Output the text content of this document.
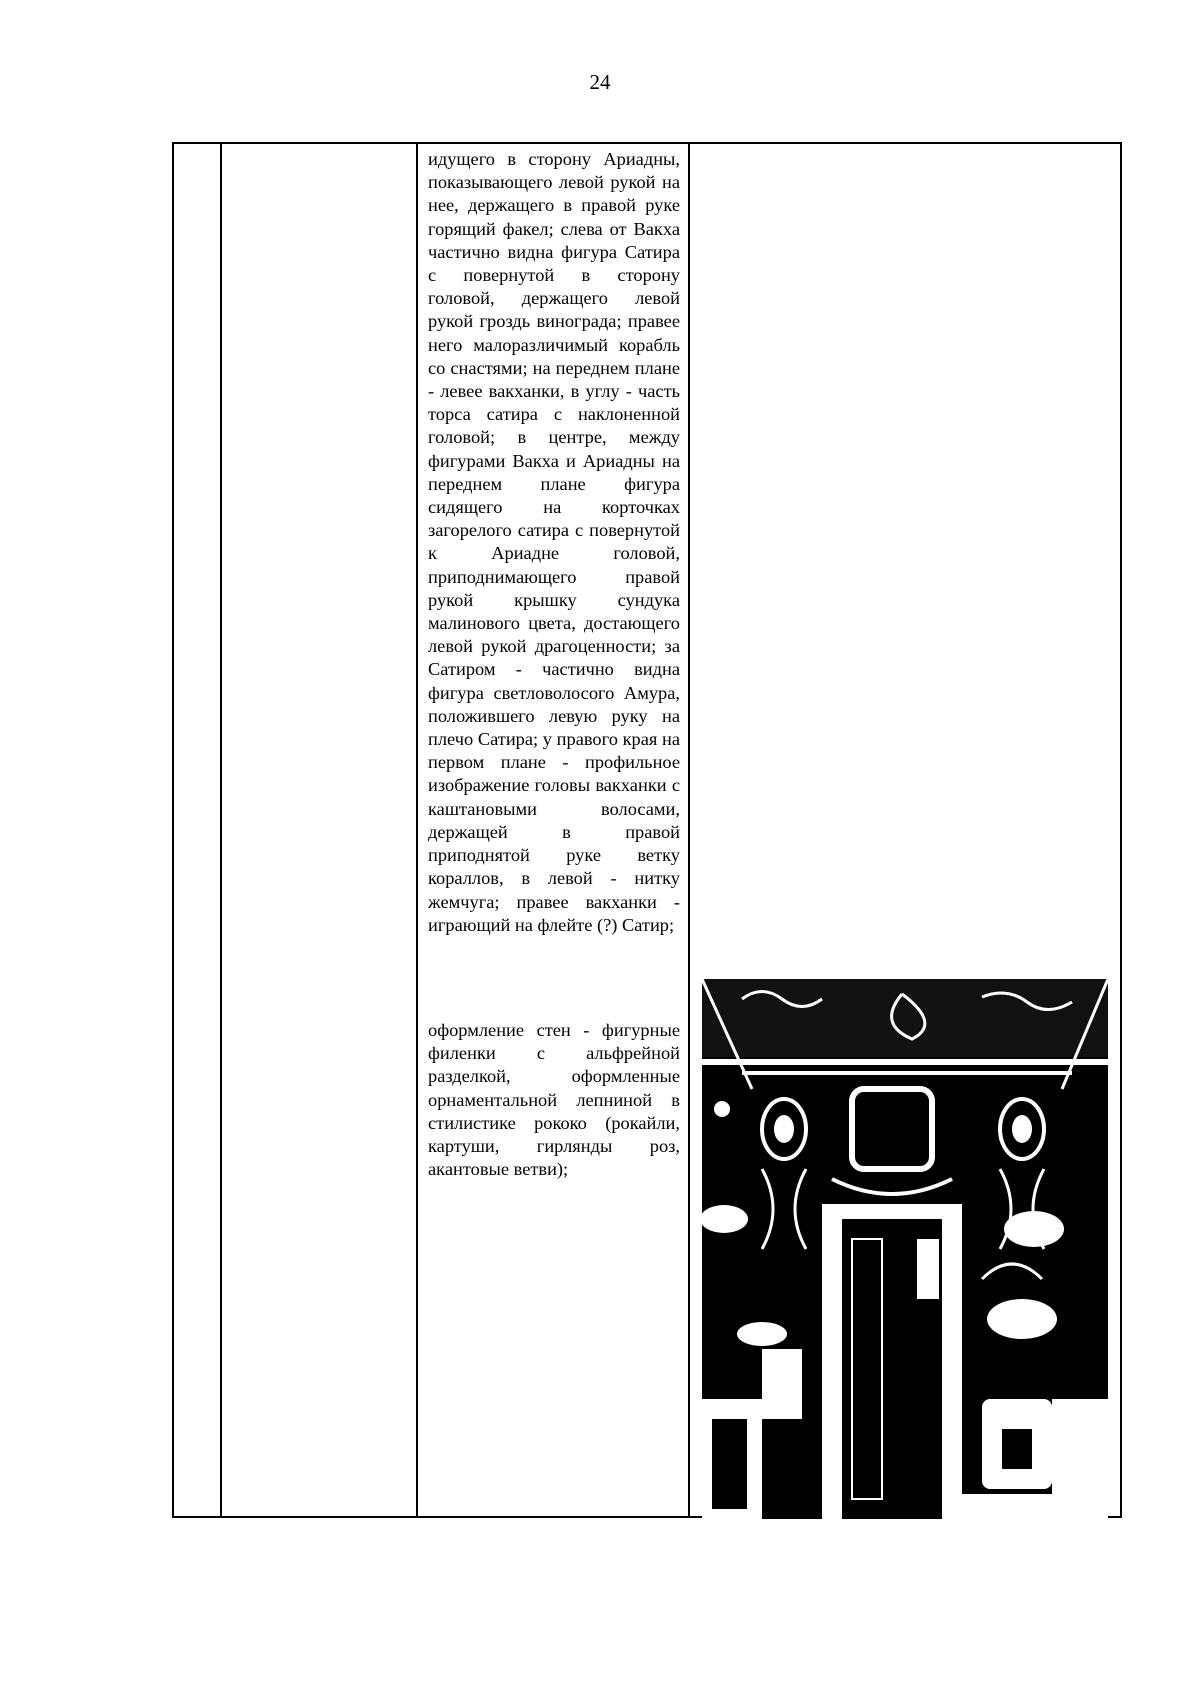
24

идущего в сторону Ариадны, показывающего левой рукой на нее, держащего в правой руке горящий факел; слева от Вакха частично видна фигура Сатира с повернутой в сторону головой, держащего левой рукой гроздь винограда; правее него малоразличимый корабль со снастями; на переднем плане - левее вакханки, в углу - часть торса сатира с наклоненной головой; в центре, между фигурами Вакха и Ариадны на переднем плане фигура сидящего на корточках загорелого сатира с повернутой к Ариадне головой, приподнимающего правой рукой крышку сундука малинового цвета, достающего левой рукой драгоценности; за Сатиром - частично видна фигура светловолосого Амура, положившего левую руку на плечо Сатира; у правого края на первом плане - профильное изображение головы вакханки с каштановыми волосами, держащей в правой приподнятой руке ветку кораллов, в левой - нитку жемчуга; правее вакханки - играющий на флейте (?) Сатир;

оформление стен - фигурные филенки с альфрейной разделкой, оформленные орнаментальной лепниной в стилистике рококо (рокайли, картуши, гирлянды роз, акантовые ветви);
